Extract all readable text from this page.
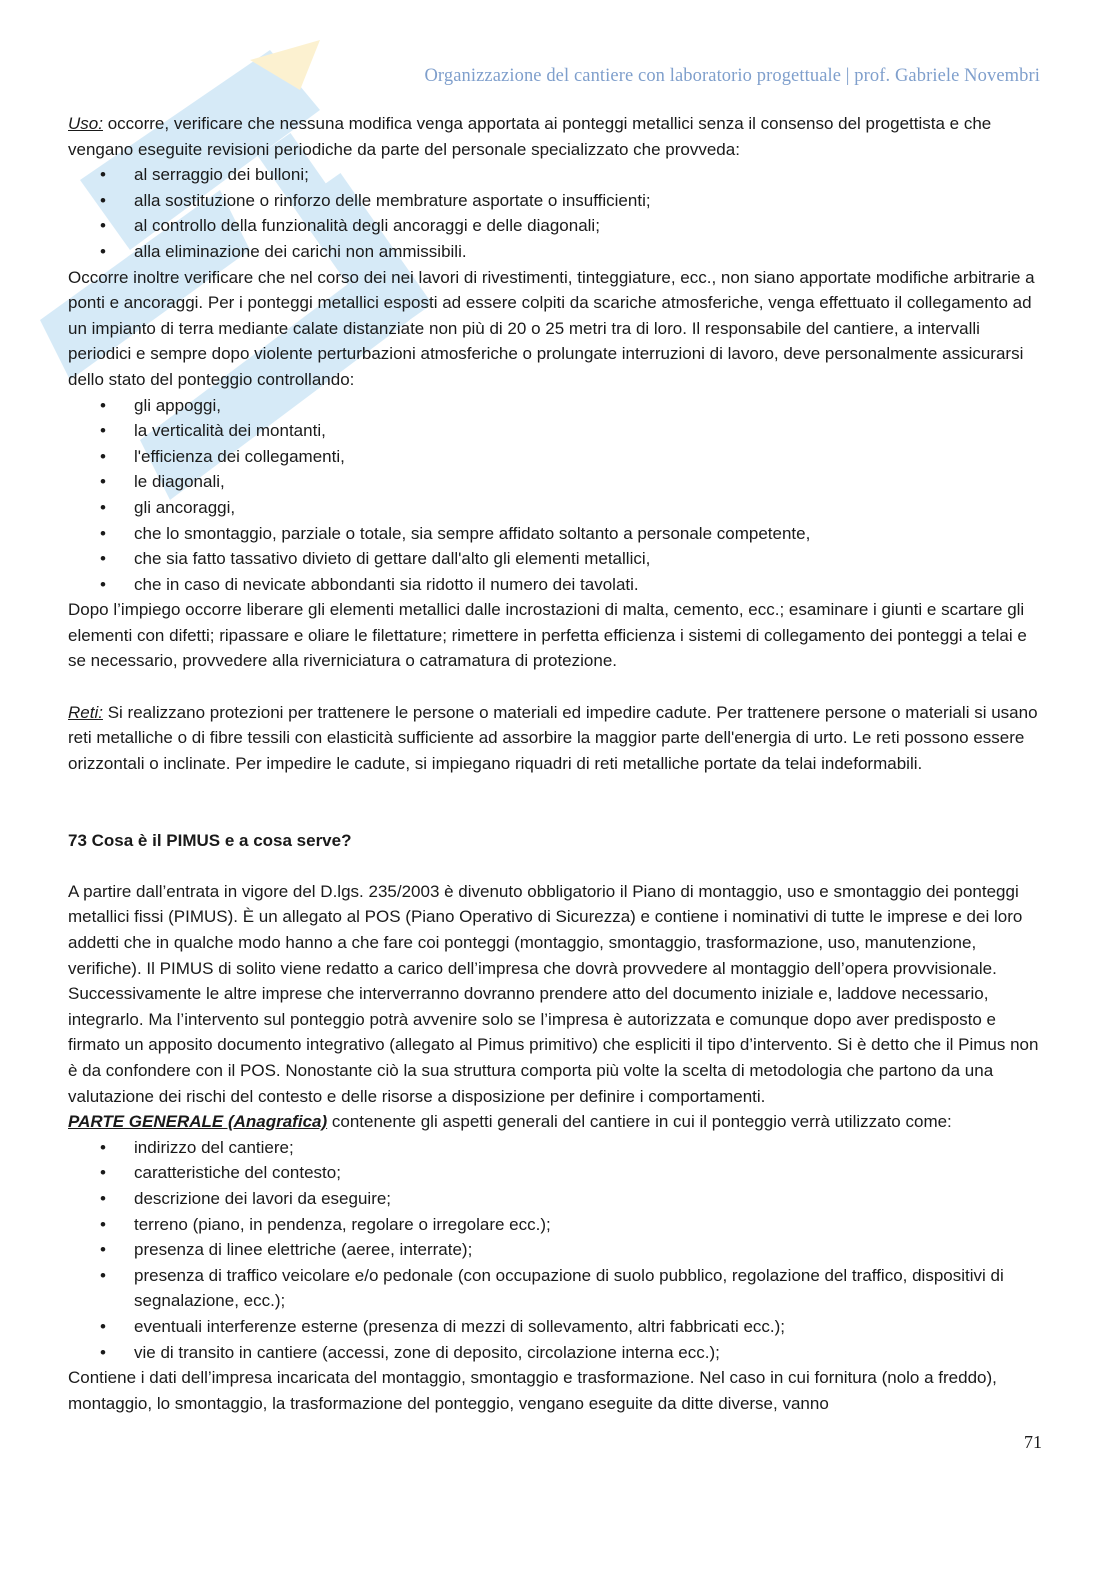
Organizzazione del cantiere con laboratorio progettuale | prof. Gabriele Novembri

Uso: occorre, verificare che nessuna modifica venga apportata ai ponteggi metallici senza il consenso del progettista e che vengano eseguite revisioni periodiche da parte del personale specializzato che provveda:

• al serraggio dei bulloni;
• alla sostituzione o rinforzo delle membrature asportate o insufficienti;
• al controllo della funzionalità degli ancoraggi e delle diagonali;
• alla eliminazione dei carichi non ammissibili.

Occorre inoltre verificare che nel corso dei nei lavori di rivestimenti, tinteggiature, ecc., non siano apportate modifiche arbitrarie a ponti e ancoraggi. Per i ponteggi metallici esposti ad essere colpiti da scariche atmosferiche, venga effettuato il collegamento ad un impianto di terra mediante calate distanziate non più di 20 o 25 metri tra di loro. Il responsabile del cantiere, a intervalli periodici e sempre dopo violente perturbazioni atmosferiche o prolungate interruzioni di lavoro, deve personalmente assicurarsi dello stato del ponteggio controllando:

• gli appoggi,
• la verticalità dei montanti,
• l'efficienza dei collegamenti,
• le diagonali,
• gli ancoraggi,
• che lo smontaggio, parziale o totale, sia sempre affidato soltanto a personale competente,
• che sia fatto tassativo divieto di gettare dall'alto gli elementi metallici,
• che in caso di nevicate abbondanti sia ridotto il numero dei tavolati.

Dopo l’impiego occorre liberare gli elementi metallici dalle incrostazioni di malta, cemento, ecc.; esaminare i giunti e scartare gli elementi con difetti; ripassare e oliare le filettature; rimettere in perfetta efficienza i sistemi di collegamento dei ponteggi a telai e se necessario, provvedere alla riverniciatura o catramatura di protezione.

Reti: Si realizzano protezioni per trattenere le persone o materiali ed impedire cadute. Per trattenere persone o materiali si usano reti metalliche o di fibre tessili con elasticità sufficiente ad assorbire la maggior parte dell'energia di urto. Le reti possono essere orizzontali o inclinate. Per impedire le cadute, si impiegano riquadri di reti metalliche portate da telai indeformabili.

73 Cosa è il PIMUS e a cosa serve?

A partire dall’entrata in vigore del D.lgs. 235/2003 è divenuto obbligatorio il Piano di montaggio, uso e smontaggio dei ponteggi metallici fissi (PIMUS). È un allegato al POS (Piano Operativo di Sicurezza) e contiene i nominativi di tutte le imprese e dei loro addetti che in qualche modo hanno a che fare coi ponteggi (montaggio, smontaggio, trasformazione, uso, manutenzione, verifiche). Il PIMUS di solito viene redatto a carico dell’impresa che dovrà provvedere al montaggio dell’opera provvisionale. Successivamente le altre imprese che interverranno dovranno prendere atto del documento iniziale e, laddove necessario, integrarlo. Ma l’intervento sul ponteggio potrà avvenire solo se l’impresa è autorizzata e comunque dopo aver predisposto e firmato un apposito documento integrativo (allegato al Pimus primitivo) che espliciti il tipo d’intervento. Si è detto che il Pimus non è da confondere con il POS. Nonostante ciò la sua struttura comporta più volte la scelta di metodologia che partono da una valutazione dei rischi del contesto e delle risorse a disposizione per definire i comportamenti.

PARTE GENERALE (Anagrafica) contenente gli aspetti generali del cantiere in cui il ponteggio verrà utilizzato come:

• indirizzo del cantiere;
• caratteristiche del contesto;
• descrizione dei lavori da eseguire;
• terreno (piano, in pendenza, regolare o irregolare ecc.);
• presenza di linee elettriche (aeree, interrate);
• presenza di traffico veicolare e/o pedonale (con occupazione di suolo pubblico, regolazione del traffico, dispositivi di segnalazione, ecc.);
• eventuali interferenze esterne (presenza di mezzi di sollevamento, altri fabbricati ecc.);
• vie di transito in cantiere (accessi, zone di deposito, circolazione interna ecc.);

Contiene i dati dell’impresa incaricata del montaggio, smontaggio e trasformazione. Nel caso in cui fornitura (nolo a freddo), montaggio, lo smontaggio, la trasformazione del ponteggio, vengano eseguite da ditte diverse, vanno

71
